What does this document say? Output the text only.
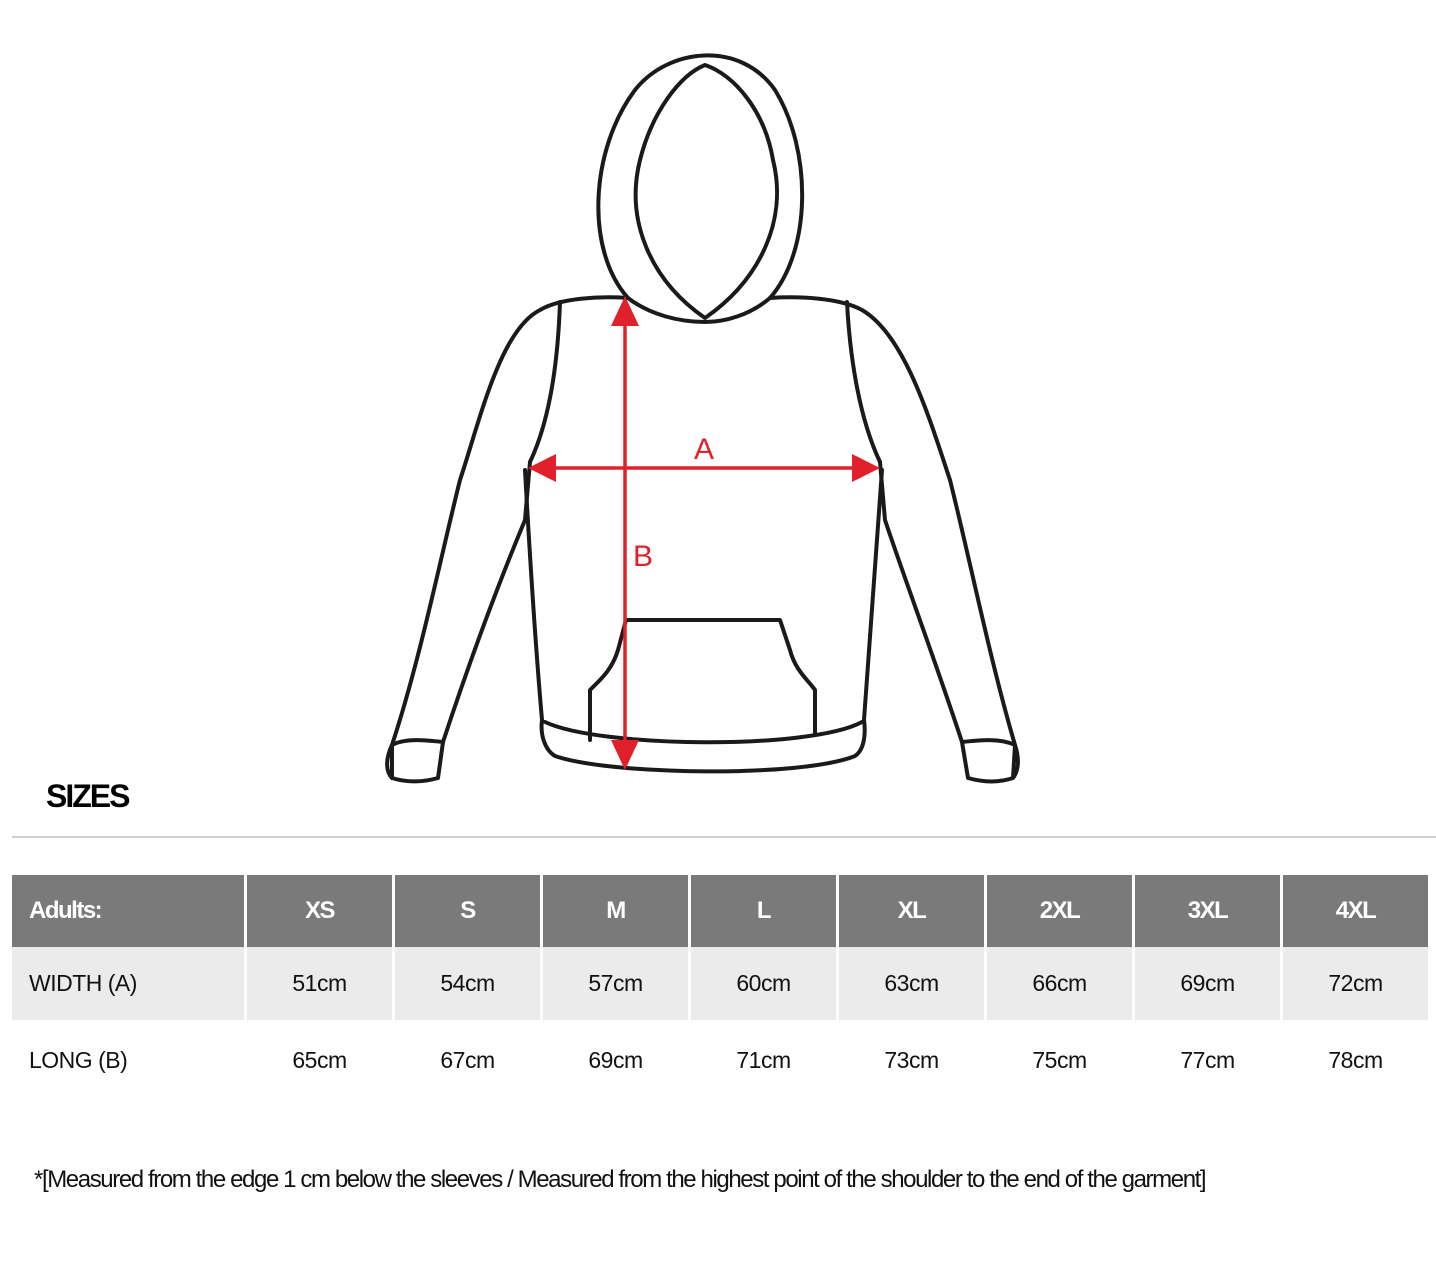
A
B
SIZES
Adults:	XS	S	M	L	XL	2XL	3XL	4XL
WIDTH (A)	51cm	54cm	57cm	60cm	63cm	66cm	69cm	72cm
LONG (B)	65cm	67cm	69cm	71cm	73cm	75cm	77cm	78cm
*[Measured from the edge 1 cm below the sleeves / Measured from the highest point of the shoulder to the end of the garment]
